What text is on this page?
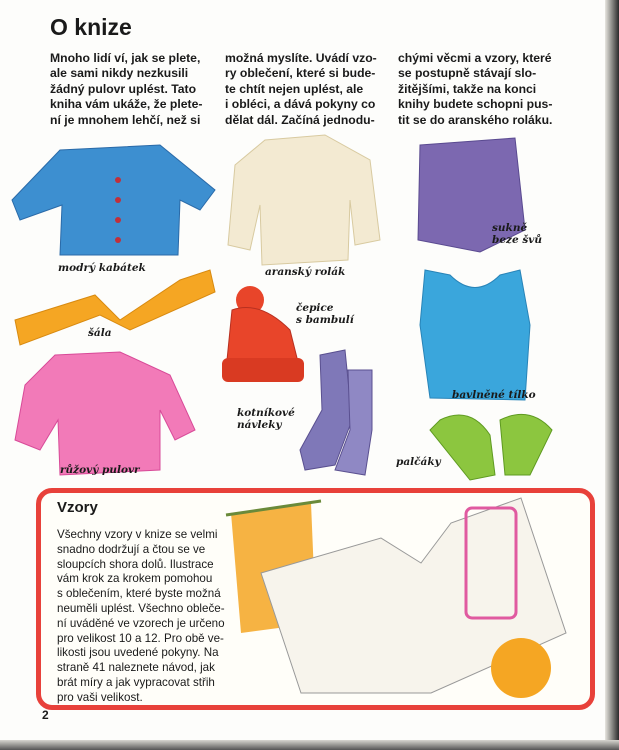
O knize
Mnoho lidí ví, jak se plete,
ale sami nikdy nezkusili
žádný pulovr uplést. Tato
kniha vám ukáže, že plete-
ní je mnohem lehčí, než si
možná myslíte. Uvádí vzo-
ry oblečení, které si bude-
te chtít nejen uplést, ale
i obléci, a dává pokyny co
dělat dál. Začíná jednodu-
chými věcmi a vzory, které
se postupně stávají slo-
žitějšími, takže na konci
knihy budete schopni pus-
tit se do aranského roláku.
modrý kabátek	aranský rolák
sukně
beze švů
šála
čepice
s bambulí
bavlněné tílko
růžový pulovr
kotníkové
návleky
palčáky
Vzory
Všechny vzory v knize se velmi
snadno dodržují a čtou se ve
sloupcích shora dolů. Ilustrace
vám krok za krokem pomohou
s oblečením, které byste možná
neuměli uplést. Všechno obleče-
ní uváděné ve vzorech je určeno
pro velikost 10 a 12. Pro obě ve-
likosti jsou uvedené pokyny. Na
straně 41 naleznete návod, jak
brát míry a jak vypracovat střih
pro vaši velikost.
2
